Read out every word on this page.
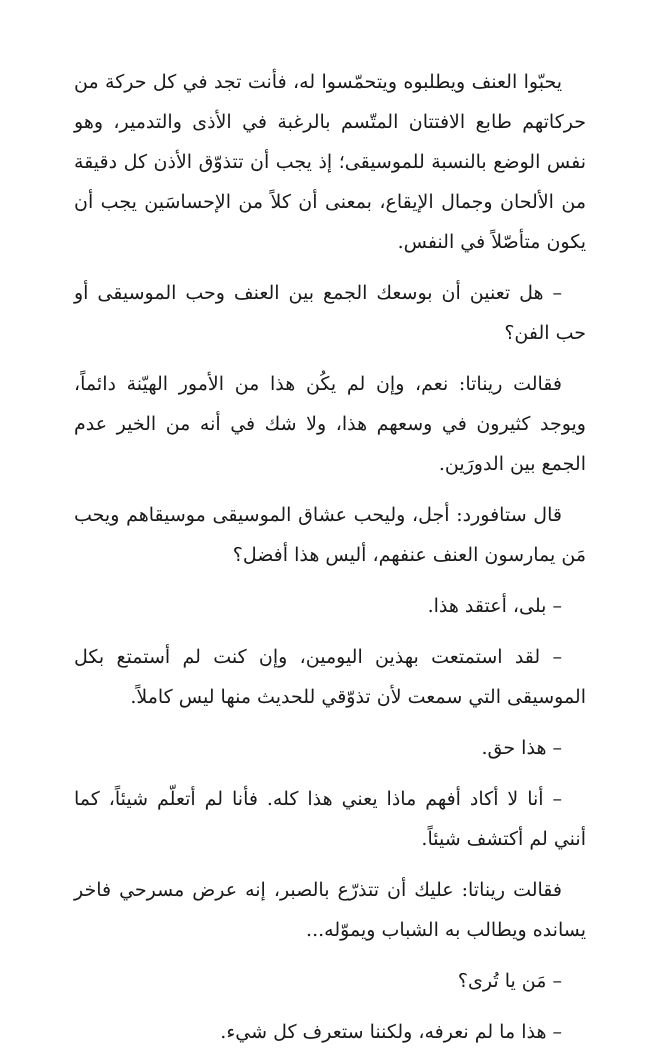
يحبّوا العنف ويطلبوه ويتحمّسوا له، فأنت تجد في كل حركة من حركاتهم طابع الافتتان المتّسم بالرغبة في الأذى والتدمير، وهو نفس الوضع بالنسبة للموسيقى؛ إذ يجب أن تتذوّق الأذن كل دقيقة من الألحان وجمال الإيقاع، بمعنى أن كلاً من الإحساسَين يجب أن يكون متأصّلاً في النفس.

– هل تعنين أن بوسعك الجمع بين العنف وحب الموسيقى أو حب الفن؟

فقالت ريناتا: نعم، وإن لم يكُن هذا من الأمور الهيّنة دائماً، ويوجد كثيرون في وسعهم هذا، ولا شك في أنه من الخير عدم الجمع بين الدورَين.

قال ستافورد: أجل، وليحب عشاق الموسيقى موسيقاهم ويحب مَن يمارسون العنف عنفهم، أليس هذا أفضل؟

– بلى، أعتقد هذا.

– لقد استمتعت بهذين اليومين، وإن كنت لم أستمتع بكل الموسيقى التي سمعت لأن تذوّقي للحديث منها ليس كاملاً.

– هذا حق.

– أنا لا أكاد أفهم ماذا يعني هذا كله. فأنا لم أتعلّم شيئاً، كما أنني لم أكتشف شيئاً.

فقالت ريناتا: عليك أن تتذرّع بالصبر، إنه عرض مسرحي فاخر يسانده ويطالب به الشباب ويموّله...

– مَن يا تُرى؟

– هذا ما لم نعرفه، ولكننا ستعرف كل شيء.
